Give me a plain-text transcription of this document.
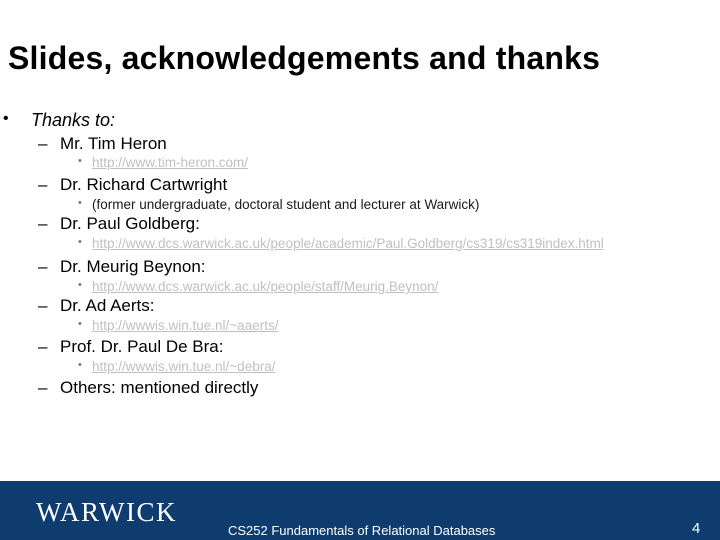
Slides, acknowledgements and thanks
• Thanks to:
– Mr. Tim Heron
• http://www.tim-heron.com/
– Dr. Richard Cartwright
• (former undergraduate, doctoral student and lecturer at Warwick)
– Dr. Paul Goldberg:
• http://www.dcs.warwick.ac.uk/people/academic/Paul.Goldberg/cs319/cs319index.html
– Dr. Meurig Beynon:
• http://www.dcs.warwick.ac.uk/people/staff/Meurig.Beynon/
– Dr. Ad Aerts:
• http://wwwis.win.tue.nl/~aaerts/
– Prof. Dr. Paul De Bra:
• http://wwwis.win.tue.nl/~debra/
– Others: mentioned directly
WARWICK
CS252 Fundamentals of Relational Databases	4
